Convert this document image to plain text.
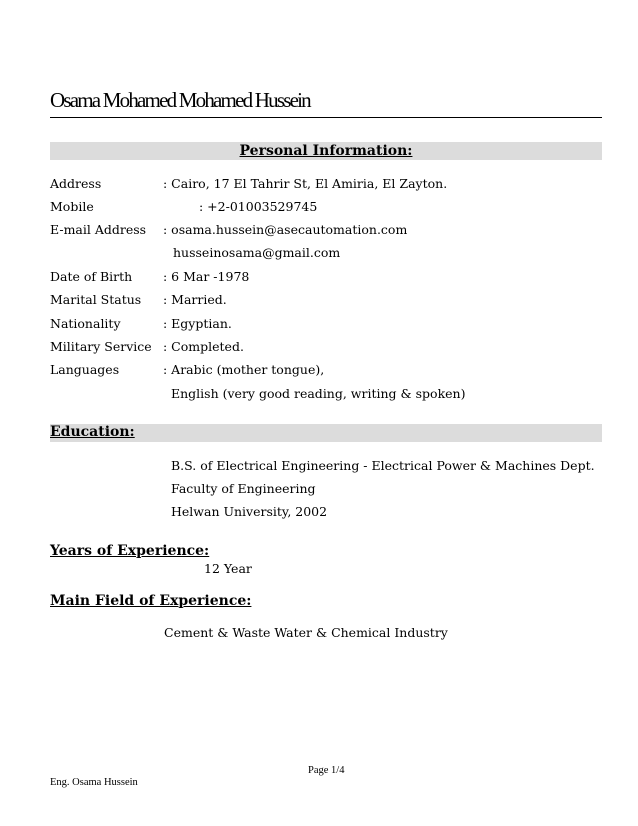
Osama Mohamed Mohamed Hussein
Personal Information:
Address	: Cairo, 17 El Tahrir St, El Amiria, El Zayton.
Mobile	: +2-01003529745
E-mail Address : osama.hussein@asecautomation.com
husseinosama@gmail.com
Date of Birth : 6 Mar -1978
Marital Status : Married.
Nationality	: Egyptian.
Military Service : Completed.
Languages	: Arabic (mother tongue),
English (very good reading, writing & spoken)
Education:
B.S. of Electrical Engineering - Electrical Power & Machines Dept.
Faculty of Engineering
Helwan University, 2002
Years of Experience:
12 Year
Main Field of Experience:
Cement & Waste Water & Chemical Industry
Page 1/4
Eng. Osama Hussein
